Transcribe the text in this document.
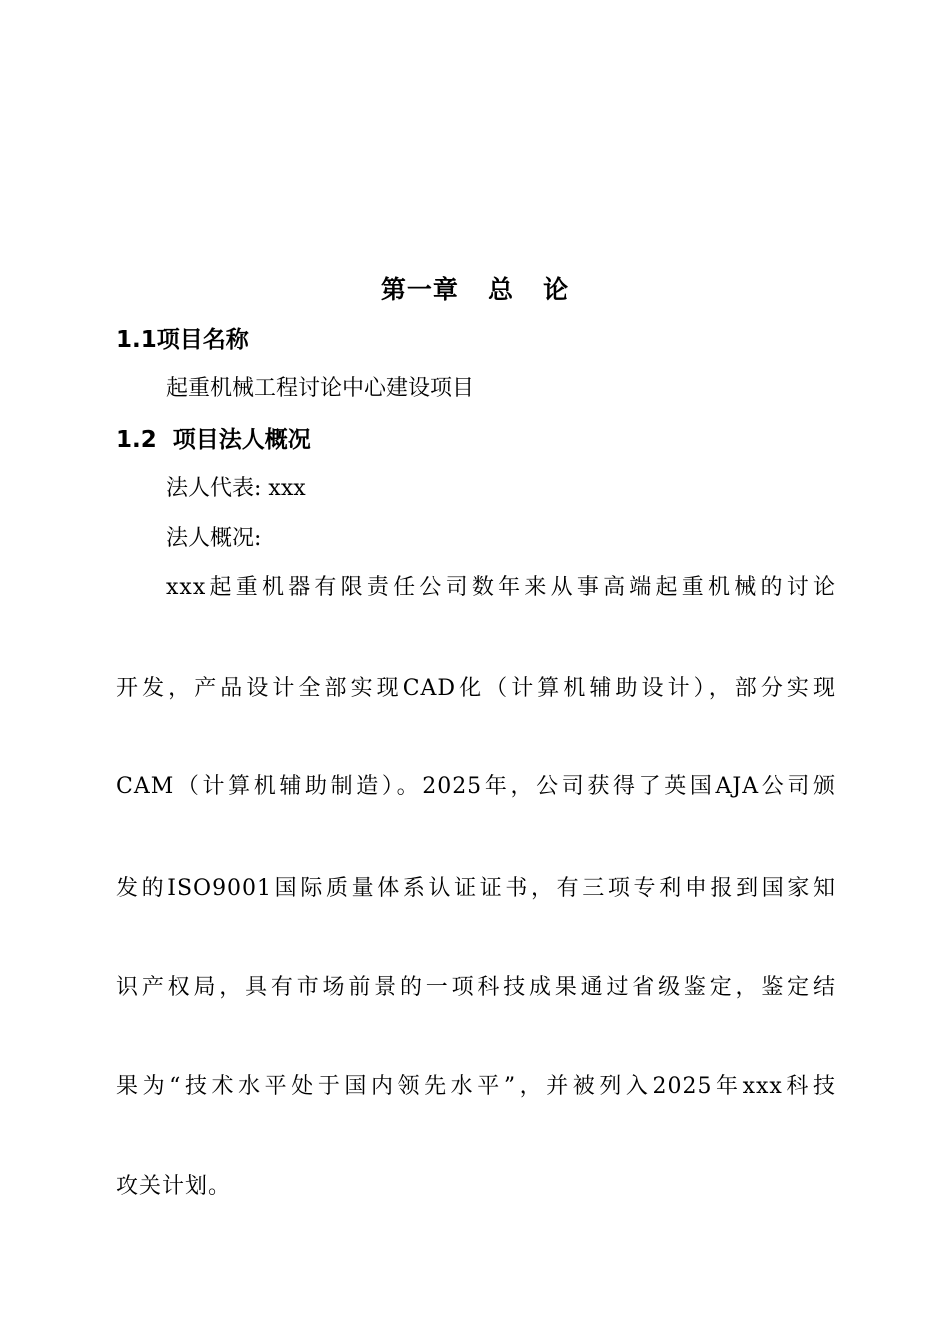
第一章   总   论
1.1项目名称
起重机械工程讨论中心建设项目
1.2  项目法人概况
法人代表: xxx
法人概况:
xxx起重机器有限责任公司数年来从事高端起重机械的讨论
开发，产品设计全部实现CAD化（计算机辅助设计），部分实现
CAM（计算机辅助制造）。2025年，公司获得了英国AJA公司颁
发的ISO9001国际质量体系认证证书，有三项专利申报到国家知
识产权局，具有市场前景的一项科技成果通过省级鉴定，鉴定结
果为“技术水平处于国内领先水平”，并被列入2025年xxx科技
攻关计划。
